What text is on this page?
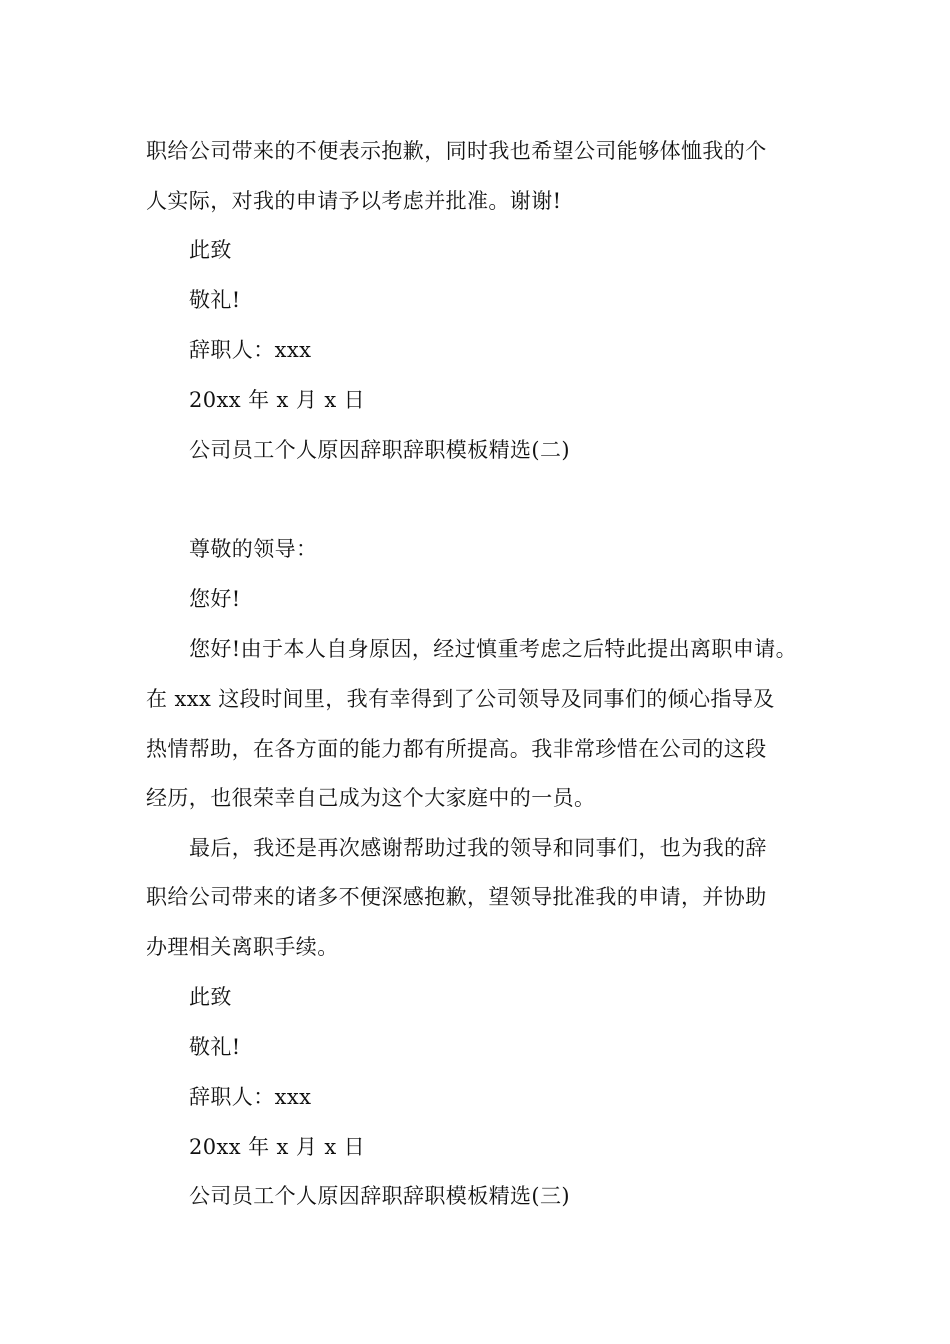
职给公司带来的不便表示抱歉，同时我也希望公司能够体恤我的个
人实际，对我的申请予以考虑并批准。谢谢!
此致
敬礼!
辞职人：xxx
20xx 年 x 月 x 日
公司员工个人原因辞职辞职模板精选(二)
尊敬的领导：
您好!
您好!由于本人自身原因，经过慎重考虑之后特此提出离职申请。
在 xxx 这段时间里，我有幸得到了公司领导及同事们的倾心指导及
热情帮助，在各方面的能力都有所提高。我非常珍惜在公司的这段
经历，也很荣幸自己成为这个大家庭中的一员。
最后，我还是再次感谢帮助过我的领导和同事们，也为我的辞
职给公司带来的诸多不便深感抱歉，望领导批准我的申请，并协助
办理相关离职手续。
此致
敬礼!
辞职人：xxx
20xx 年 x 月 x 日
公司员工个人原因辞职辞职模板精选(三)
